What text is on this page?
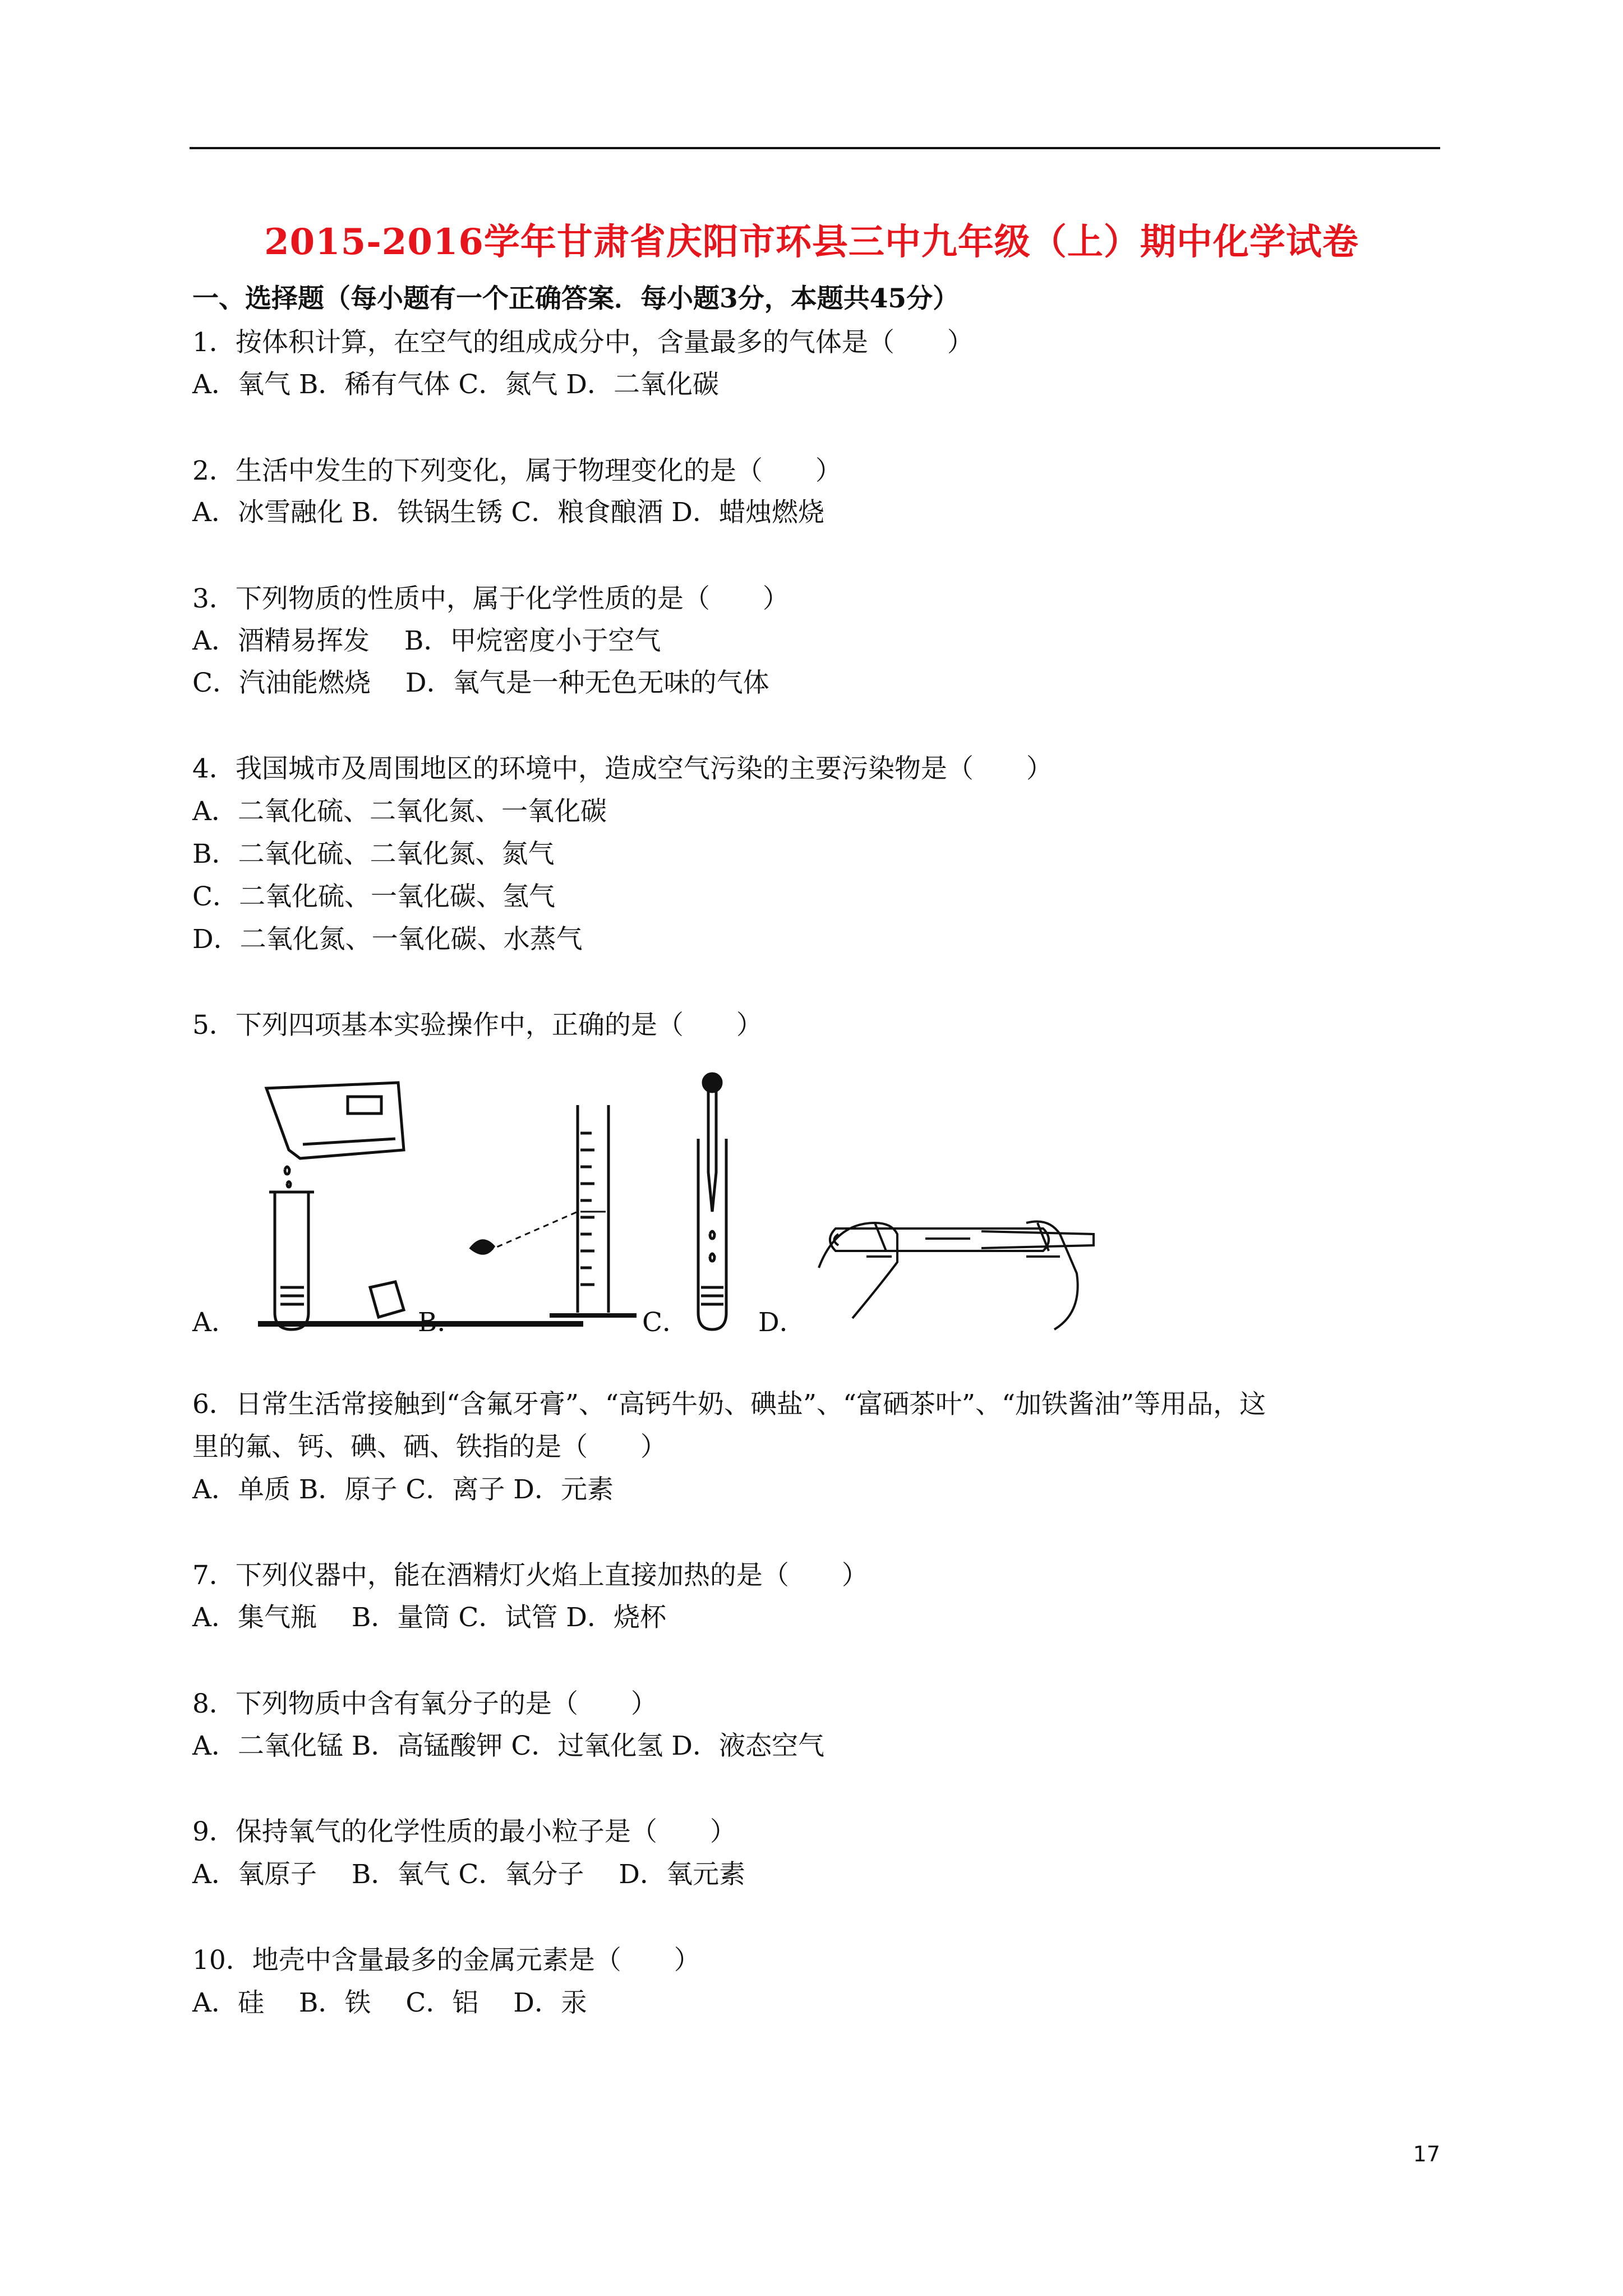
2015-2016学年甘肃省庆阳市环县三中九年级（上）期中化学试卷
一、选择题（每小题有一个正确答案．每小题3分，本题共45分）
1．按体积计算，在空气的组成成分中，含量最多的气体是（　　）
A．氧气 B．稀有气体 C．氮气 D．二氧化碳
2．生活中发生的下列变化，属于物理变化的是（　　）
A．冰雪融化 B．铁锅生锈 C．粮食酿酒 D．蜡烛燃烧
3．下列物质的性质中，属于化学性质的是（　　）
A．酒精易挥发　 B．甲烷密度小于空气
C．汽油能燃烧　 D．氧气是一种无色无味的气体
4．我国城市及周围地区的环境中，造成空气污染的主要污染物是（　　）
A．二氧化硫、二氧化氮、一氧化碳
B．二氧化硫、二氧化氮、氮气
C．二氧化硫、一氧化碳、氢气
D．二氧化氮、一氧化碳、水蒸气
5．下列四项基本实验操作中，正确的是（　　）
A．	B．	C．	D．
6．日常生活常接触到“含氟牙膏”、“高钙牛奶、碘盐”、“富硒茶叶”、“加铁酱油”等用品，这
里的氟、钙、碘、硒、铁指的是（　　）
A．单质 B．原子 C．离子 D．元素
7．下列仪器中，能在酒精灯火焰上直接加热的是（　　）
A．集气瓶　 B．量筒 C．试管 D．烧杯
8．下列物质中含有氧分子的是（　　）
A．二氧化锰 B．高锰酸钾 C．过氧化氢 D．液态空气
9．保持氧气的化学性质的最小粒子是（　　）
A．氧原子　 B．氧气 C．氧分子　 D．氧元素
10．地壳中含量最多的金属元素是（　　）
A．硅　 B．铁　 C．铝　 D．汞
17
